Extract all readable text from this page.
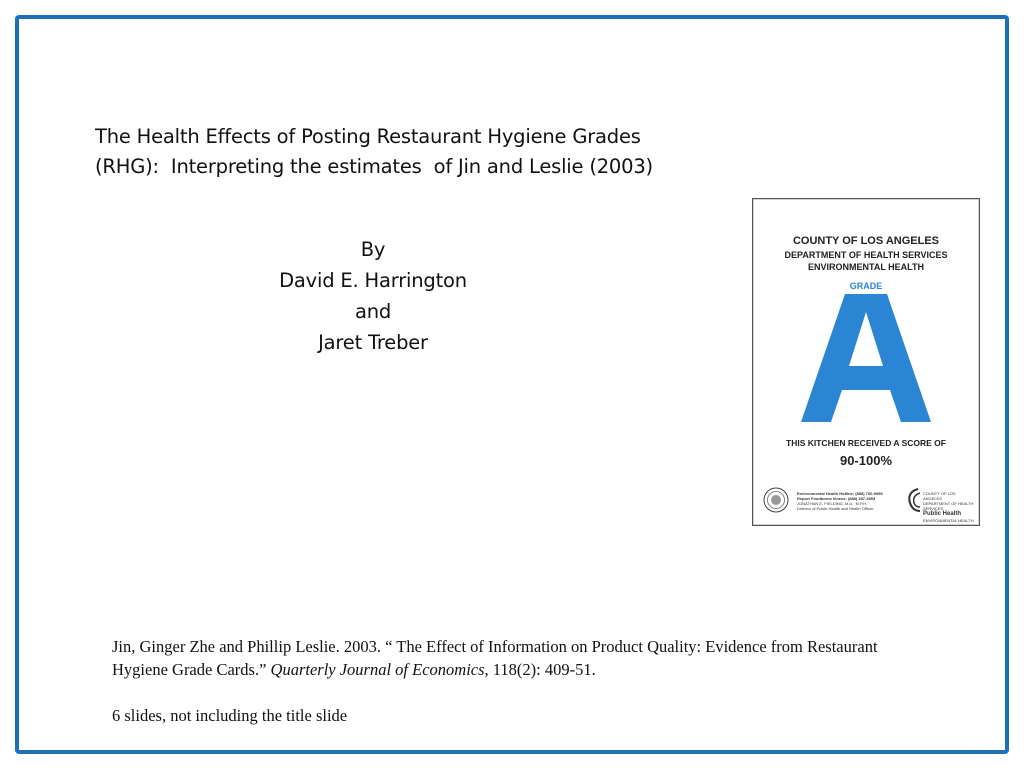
The Health Effects of Posting Restaurant Hygiene Grades
(RHG):  Interpreting the estimates  of Jin and Leslie (2003)
By
David E. Harrington
and
Jaret Treber
COUNTY OF LOS ANGELES
DEPARTMENT OF HEALTH SERVICES
ENVIRONMENTAL HEALTH
GRADE
THIS KITCHEN RECEIVED A SCORE OF
90-100%
Environmental Health Hotline: (888) 700-9995
Report Foodborne Illness: (888) 397-3993
JONATHAN E. FIELDING, M.D., M.P.H.
Director of Public Health and Health Officer
COUNTY OF LOS ANGELES
DEPARTMENT OF HEALTH SERVICES
Public Health
ENVIRONMENTAL HEALTH
Jin, Ginger Zhe and Phillip Leslie. 2003. “ The Effect of Information on Product Quality: Evidence from Restaurant Hygiene Grade Cards.” Quarterly Journal of Economics, 118(2): 409-51.
6 slides, not including the title slide
